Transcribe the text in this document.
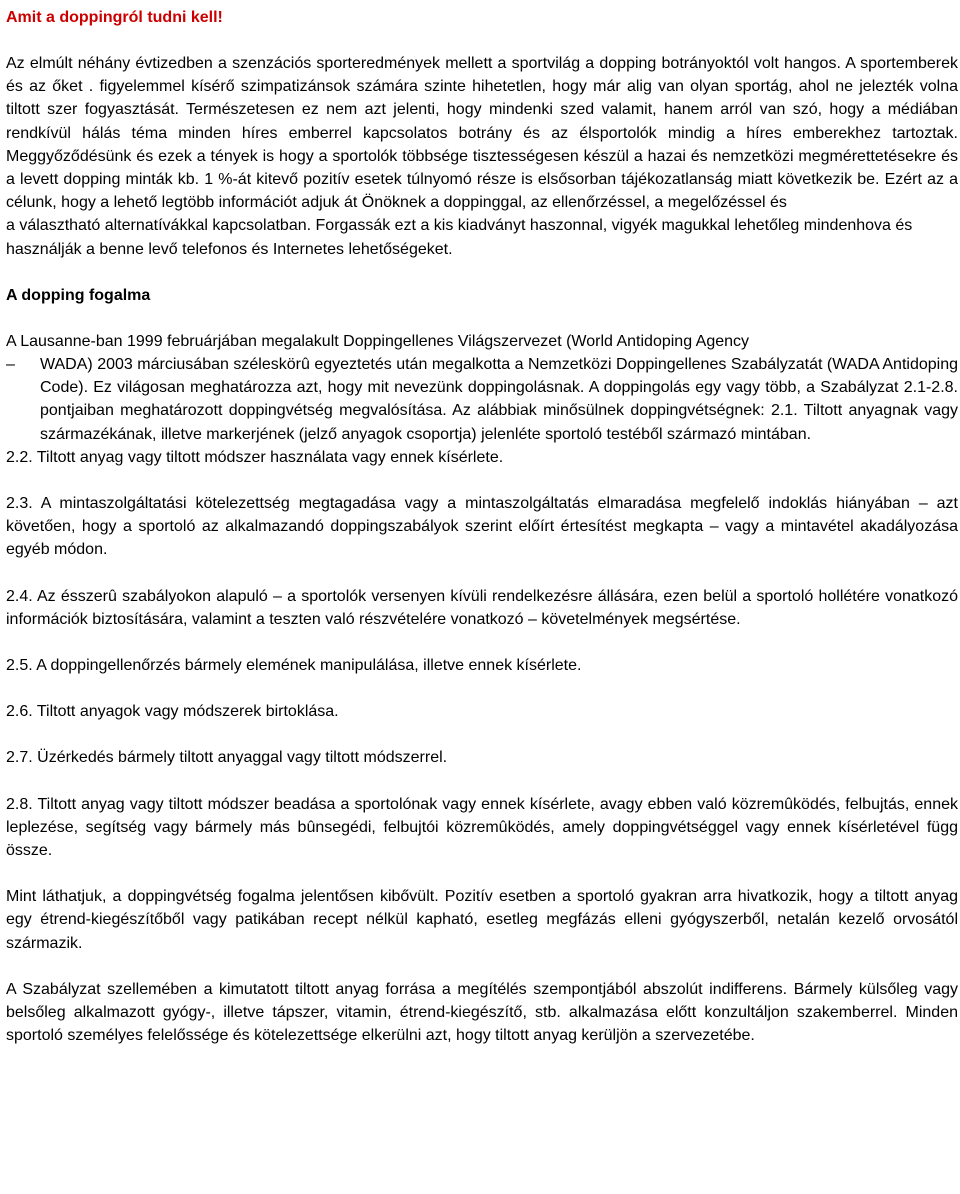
Amit a doppingról tudni kell!

Az elmúlt néhány évtizedben a szenzációs sporteredmények mellett a sportvilág a dopping botrányoktól volt hangos. A sportemberek és az őket . figyelemmel kísérő szimpatizánsok számára szinte hihetetlen, hogy már alig van olyan sportág, ahol ne jelezték volna tiltott szer fogyasztását. Természetesen ez nem azt jelenti, hogy mindenki szed valamit, hanem arról van szó, hogy a médiában rendkívül hálás téma minden híres emberrel kapcsolatos botrány és az élsportolók mindig a híres emberekhez tartoztak. Meggyőződésünk és ezek a tények is hogy a sportolók többsége tisztességesen készül a hazai és nemzetközi megmérettetésekre és a levett dopping minták kb. 1 %-át kitevő pozitív esetek túlnyomó része is elsősorban tájékozatlanság miatt következik be. Ezért az a célunk, hogy a lehető legtöbb információt adjuk át Önöknek a doppinggal, az ellenőrzéssel, a megelőzéssel és

a választható alternatívákkal kapcsolatban. Forgassák ezt a kis kiadványt haszonnal, vigyék magukkal lehetőleg mindenhova és használják a benne levő telefonos és Internetes lehetőségeket.

A dopping fogalma

A Lausanne-ban 1999 februárjában megalakult Doppingellenes Világszervezet (World Antidoping Agency

–	WADA) 2003 márciusában széleskörû egyeztetés után megalkotta a Nemzetközi Doppingellenes Szabályzatát (WADA Antidoping Code). Ez világosan meghatározza azt, hogy mit nevezünk doppingolásnak. A doppingolás egy vagy több, a Szabályzat 2.1-2.8. pontjaiban meghatározott doppingvétség megvalósítása. Az alábbiak minősülnek doppingvétségnek: 2.1. Tiltott anyagnak vagy származékának, illetve markerjének (jelző anyagok csoportja) jelenléte sportoló testéből származó mintában.

2.2. Tiltott anyag vagy tiltott módszer használata vagy ennek kísérlete.

2.3. A mintaszolgáltatási kötelezettség megtagadása vagy a mintaszolgáltatás elmaradása megfelelő indoklás hiányában – azt követően, hogy a sportoló az alkalmazandó doppingszabályok szerint előírt értesítést megkapta – vagy a mintavétel akadályozása egyéb módon.

2.4. Az ésszerû szabályokon alapuló – a sportolók versenyen kívüli rendelkezésre állására, ezen belül a sportoló hollétére vonatkozó információk biztosítására, valamint a teszten való részvételére vonatkozó – követelmények megsértése.

2.5. A doppingellenőrzés bármely elemének manipulálása, illetve ennek kísérlete.

2.6. Tiltott anyagok vagy módszerek birtoklása.

2.7. Üzérkedés bármely tiltott anyaggal vagy tiltott módszerrel.

2.8. Tiltott anyag vagy tiltott módszer beadása a sportolónak vagy ennek kísérlete, avagy ebben való közremûködés, felbujtás, ennek leplezése, segítség vagy bármely más bûnsegédi, felbujtói közremûködés, amely doppingvétséggel vagy ennek kísérletével függ össze.

Mint láthatjuk, a doppingvétség fogalma jelentősen kibővült. Pozitív esetben a sportoló gyakran arra hivatkozik, hogy a tiltott anyag egy étrend-kiegészítőből vagy patikában recept nélkül kapható, esetleg megfázás elleni gyógyszerből, netalán kezelő orvosától származik.

A Szabályzat szellemében a kimutatott tiltott anyag forrása a megítélés szempontjából abszolút indifferens. Bármely külsőleg vagy belsőleg alkalmazott gyógy-, illetve tápszer, vitamin, étrend-kiegészítő, stb. alkalmazása előtt konzultáljon szakemberrel. Minden sportoló személyes felelőssége és kötelezettsége elkerülni azt, hogy tiltott anyag kerüljön a szervezetébe.
